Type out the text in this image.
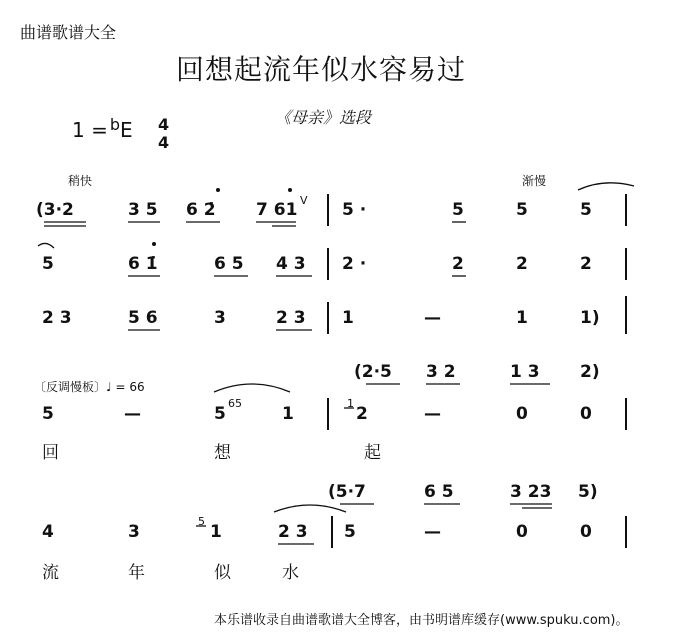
曲谱歌谱大全
回想起流年似水容易过
1 = $^b$E 4
4
《母亲》选段
稍快	渐慢
(3·2	3 5 6 2̇ 7 61 V 5 ·	5	5	5
5	6 1̇	6 5 4 3 2 ·	2	2	2
2 3	5 6	3	2 3 1	—	1	1)
(2·5 3 2	1 3 2)
〔反调慢板〕♩ = 66
5	—	5
65
1
1
2	—	0	0
回	想	起
(5·7	6 5	3 23 5)
4	3
5
1	2 3 5	—	0	0
流	年	似	水
本乐谱收录自曲谱歌谱大全博客，由书明谱库缓存(www.spuku.com)。
